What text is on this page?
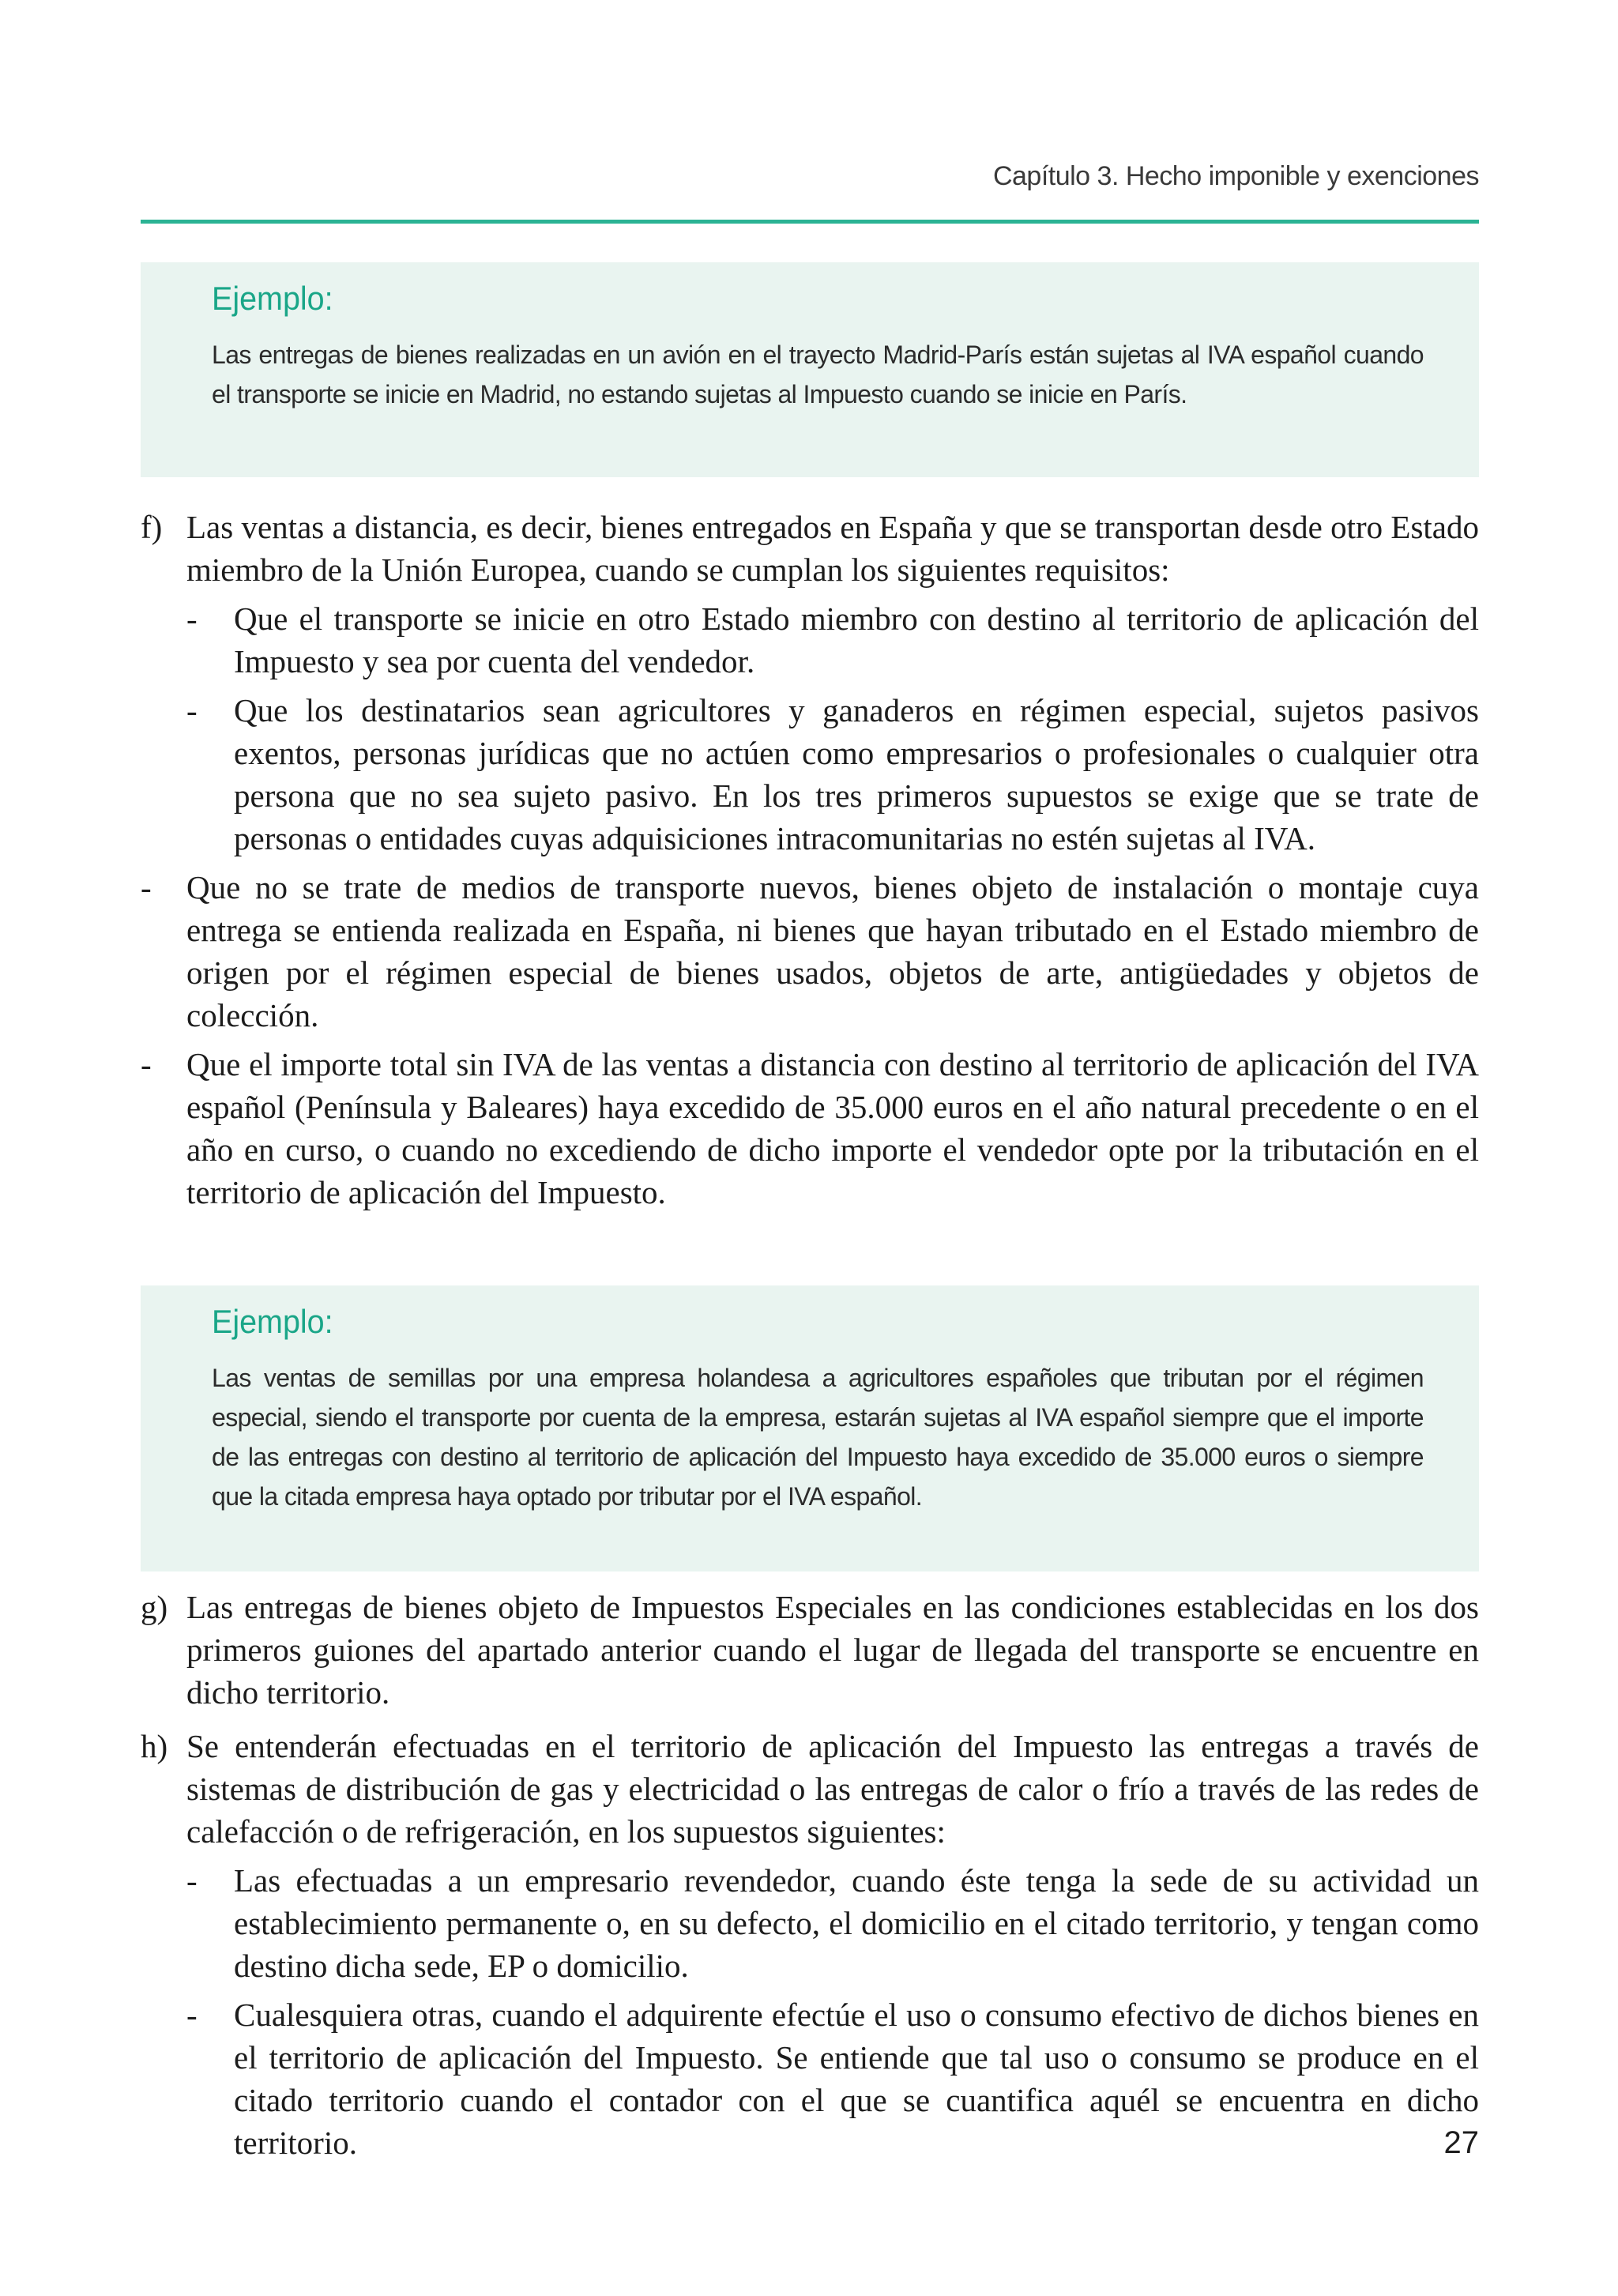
Capítulo 3. Hecho imponible y exenciones
Ejemplo:
Las entregas de bienes realizadas en un avión en el trayecto Madrid-París están sujetas al IVA español cuando el transporte se inicie en Madrid, no estando sujetas al Impuesto cuando se inicie en París.
f) Las ventas a distancia, es decir, bienes entregados en España y que se transportan desde otro Estado miembro de la Unión Europea, cuando se cumplan los siguientes requisitos:
- Que el transporte se inicie en otro Estado miembro con destino al territorio de aplicación del Impuesto y sea por cuenta del vendedor.
- Que los destinatarios sean agricultores y ganaderos en régimen especial, sujetos pasivos exentos, personas jurídicas que no actúen como empresarios o profesionales o cualquier otra persona que no sea sujeto pasivo. En los tres primeros supuestos se exige que se trate de personas o entidades cuyas adquisiciones intracomunitarias no estén sujetas al IVA.
- Que no se trate de medios de transporte nuevos, bienes objeto de instalación o montaje cuya entrega se entienda realizada en España, ni bienes que hayan tributado en el Estado miembro de origen por el régimen especial de bienes usados, objetos de arte, antigüedades y objetos de colección.
- Que el importe total sin IVA de las ventas a distancia con destino al territorio de aplicación del IVA español (Península y Baleares) haya excedido de 35.000 euros en el año natural precedente o en el año en curso, o cuando no excediendo de dicho importe el vendedor opte por la tributación en el territorio de aplicación del Impuesto.
Ejemplo:
Las ventas de semillas por una empresa holandesa a agricultores españoles que tributan por el régimen especial, siendo el transporte por cuenta de la empresa, estarán sujetas al IVA español siempre que el importe de las entregas con destino al territorio de aplicación del Impuesto haya excedido de 35.000 euros o siempre que la citada empresa haya optado por tributar por el IVA español.
g) Las entregas de bienes objeto de Impuestos Especiales en las condiciones establecidas en los dos primeros guiones del apartado anterior cuando el lugar de llegada del transporte se encuentre en dicho territorio.
h) Se entenderán efectuadas en el territorio de aplicación del Impuesto las entregas a través de sistemas de distribución de gas y electricidad o las entregas de calor o frío a través de las redes de calefacción o de refrigeración, en los supuestos siguientes:
- Las efectuadas a un empresario revendedor, cuando éste tenga la sede de su actividad un establecimiento permanente o, en su defecto, el domicilio en el citado territorio, y tengan como destino dicha sede, EP o domicilio.
- Cualesquiera otras, cuando el adquirente efectúe el uso o consumo efectivo de dichos bienes en el territorio de aplicación del Impuesto. Se entiende que tal uso o consumo se produce en el citado territorio cuando el contador con el que se cuantifica aquél se encuentra en dicho territorio.	27
